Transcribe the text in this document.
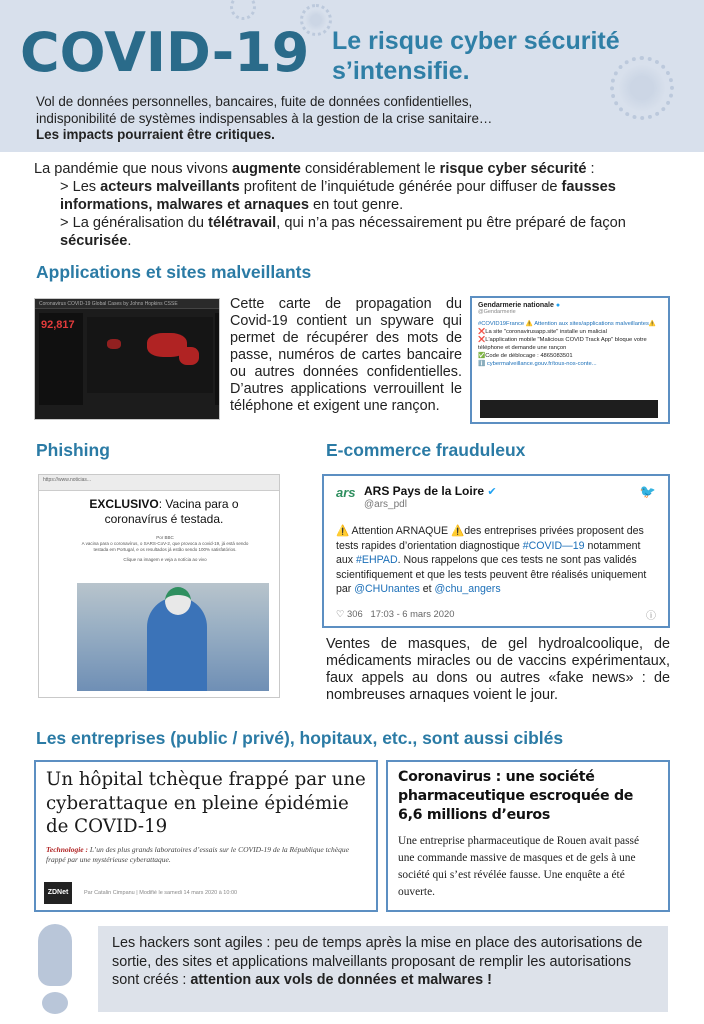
COVID-19 Le risque cyber sécurité
s’intensifie.
Vol de données personnelles, bancaires, fuite de données confidentielles,
indisponibilité de systèmes indispensables à la gestion de la crise sanitaire…
Les impacts pourraient être critiques.

La pandémie que nous vivons augmente considérablement le risque cyber sécurité :

> Les acteurs malveillants profitent de l’inquiétude générée pour diffuser de fausses informations, malwares et arnaques en tout genre.

> La généralisation du télétravail, qui n’a pas nécessairement pu être préparé de façon sécurisée.

Applications et sites malveillants
Coronavirus COVID-19 Global Cases by Johns Hopkins CSSE
92,817
Cette carte de propagation du Covid-19 contient un spyware qui permet de récupérer des mots de passe, numéros de cartes bancaire ou autres données confidentielles. D’autres applications verrouillent le téléphone et exigent une rançon.
Gendarmerie nationale ●
@Gendarmerie
#COVID19France ⚠️ Attention aux sites/applications malveillantes⚠️
❌La site "coronavirusapp.site" installe un malicial
❌L'application mobile "Malicious COVID Track App" bloque votre téléphone et demande une rançon
✅Code de déblocage : 4865083501
ℹ️ cybermalveillance.gouv.fr/tous-nos-conte...
Phishing
https://www.noticias...
EXCLUSIVO: Vacina para o coronavírus é testada.
Por BBC
A vacina para o coronavírus, o SARS-CoV-2, que provoca a covid-19, já está sendo testada em Portugal, e os resultados já estão sendo 100% satisfatórios.
Clique na imagem e veja a notícia ao vivo
E-commerce frauduleux
ars ARS Pays de la Loire ✔
@ars_pdl
🐦
⚠️ Attention ARNAQUE ⚠️des entreprises privées proposent des tests rapides d’orientation diagnostique #COVID—19 notamment aux #EHPAD. Nous rappelons que ces tests ne sont pas validés scientifiquement et que les tests peuvent être réalisés uniquement par @CHUnantes et @chu_angers
♡ 306 17:03 - 6 mars 2020	ⓘ
Ventes de masques, de gel hydroalcoolique, de médicaments miracles ou de vaccins expérimentaux, faux appels au dons ou autres «fake news» : de nombreuses arnaques voient le jour.
Les entreprises (public / privé), hopitaux, etc., sont aussi ciblés
Un hôpital tchèque frappé par une cyberattaque en pleine épidémie de COVID-19
Technologie : L’un des plus grands laboratoires d’essais sur le COVID-19 de la République tchèque frappé par une mystérieuse cyberattaque.
ZDNet	Par Catalin Cimpanu | Modifié le samedi 14 mars 2020 à 10:00
Coronavirus : une société pharmaceutique escroquée de 6,6 millions d’euros
Une entreprise pharmaceutique de Rouen avait passé une commande massive de masques et de gels à une société qui s’est révélée fausse. Une enquête a été ouverte.
Les hackers sont agiles : peu de temps après la mise en place des autorisations de sortie, des sites et applications malveillants proposant de remplir les autorisations sont créés : attention aux vols de données et malwares !
